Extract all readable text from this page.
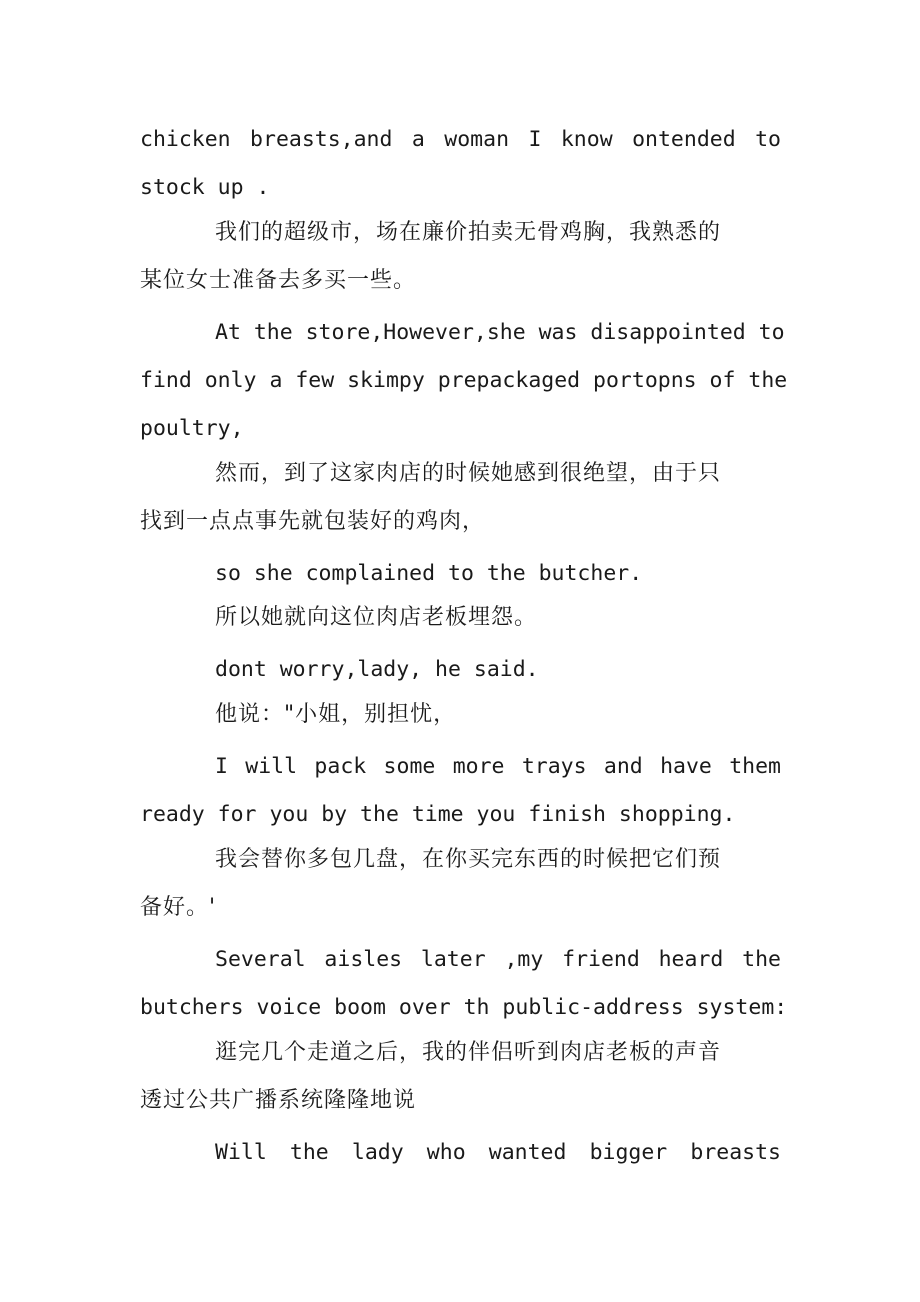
chicken breasts,and a woman I know ontended to
stock up .
我们的超级市，场在廉价拍卖无骨鸡胸，我熟悉的
某位女士准备去多买一些。
At the store,However,she was disappointed to
find only a few skimpy prepackaged portopns of the
poultry,
然而，到了这家肉店的时候她感到很绝望，由于只
找到一点点事先就包装好的鸡肉，
so she complained to the butcher.
所以她就向这位肉店老板埋怨。
dont worry,lady, he said.
他说："小姐，别担忧，
I will pack some more trays and have them
ready for you by the time you finish shopping.
我会替你多包几盘，在你买完东西的时候把它们预
备好。'
Several aisles later ,my friend heard the
butchers voice boom over th public-address system:
逛完几个走道之后，我的伴侣听到肉店老板的声音
透过公共广播系统隆隆地说
Will the lady who wanted bigger breasts
